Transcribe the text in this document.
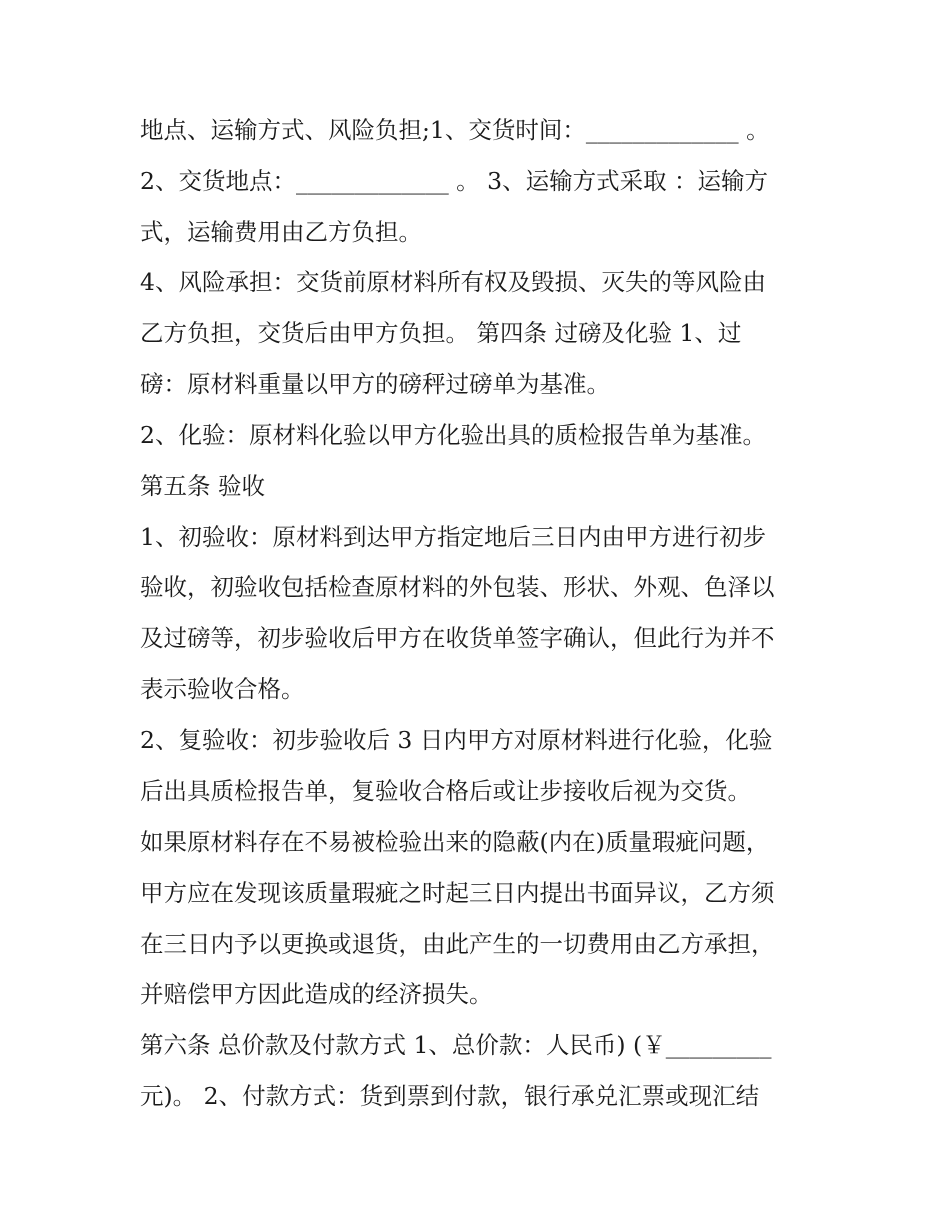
地点、运输方式、风险负担;1、交货时间：_____________ 。
2、交货地点：_____________ 。 3、运输方式采取 ：运输方
式，运输费用由乙方负担。
4、风险承担：交货前原材料所有权及毁损、灭失的等风险由
乙方负担，交货后由甲方负担。 第四条 过磅及化验 1、过
磅：原材料重量以甲方的磅秤过磅单为基准。
2、化验：原材料化验以甲方化验出具的质检报告单为基准。
第五条 验收
1、初验收：原材料到达甲方指定地后三日内由甲方进行初步
验收，初验收包括检查原材料的外包装、形状、外观、色泽以
及过磅等，初步验收后甲方在收货单签字确认，但此行为并不
表示验收合格。
2、复验收：初步验收后 3 日内甲方对原材料进行化验，化验
后出具质检报告单，复验收合格后或让步接收后视为交货。
如果原材料存在不易被检验出来的隐蔽(内在)质量瑕疵问题，
甲方应在发现该质量瑕疵之时起三日内提出书面异议，乙方须
在三日内予以更换或退货，由此产生的一切费用由乙方承担，
并赔偿甲方因此造成的经济损失。
第六条 总价款及付款方式 1、总价款：人民币) (￥_________
元)。 2、付款方式：货到票到付款，银行承兑汇票或现汇结
